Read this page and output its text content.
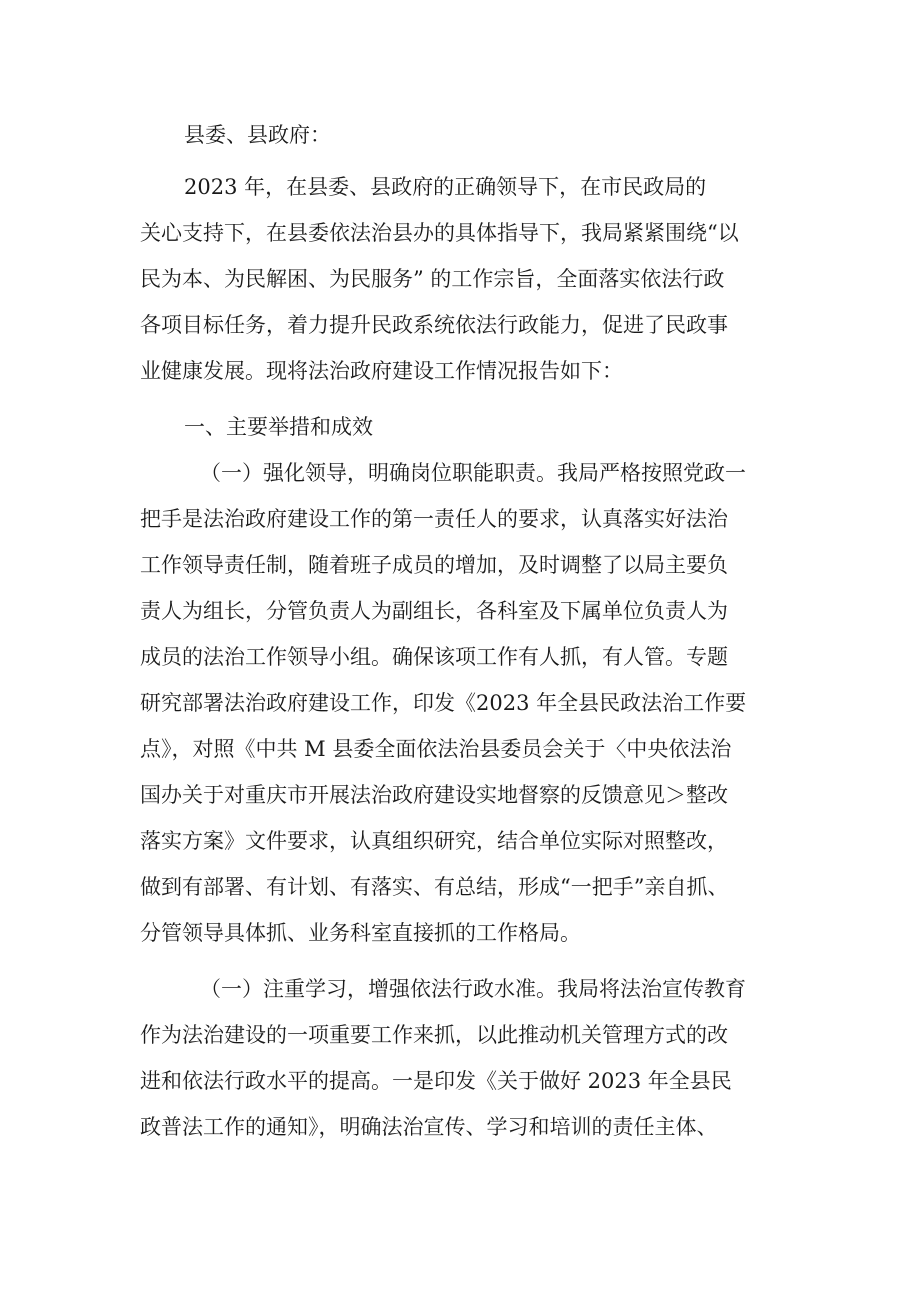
县委、县政府：
2023 年，在县委、县政府的正确领导下，在市民政局的
关心支持下，在县委依法治县办的具体指导下，我局紧紧围绕“以
民为本、为民解困、为民服务” 的工作宗旨，全面落实依法行政
各项目标任务，着力提升民政系统依法行政能力，促进了民政事
业健康发展。现将法治政府建设工作情况报告如下：
一、主要举措和成效
（一）强化领导，明确岗位职能职责。我局严格按照党政一
把手是法治政府建设工作的第一责任人的要求，认真落实好法治
工作领导责任制，随着班子成员的增加，及时调整了以局主要负
责人为组长，分管负责人为副组长，各科室及下属单位负责人为
成员的法治工作领导小组。确保该项工作有人抓，有人管。专题
研究部署法治政府建设工作，印发《2023 年全县民政法治工作要
点》，对照《中共 M 县委全面依法治县委员会关于〈中央依法治
国办关于对重庆市开展法治政府建设实地督察的反馈意见＞整改
落实方案》文件要求，认真组织研究，结合单位实际对照整改，
做到有部署、有计划、有落实、有总结，形成“一把手”亲自抓、
分管领导具体抓、业务科室直接抓的工作格局。
（一）注重学习，增强依法行政水准。我局将法治宣传教育
作为法治建设的一项重要工作来抓，以此推动机关管理方式的改
进和依法行政水平的提高。一是印发《关于做好 2023 年全县民
政普法工作的通知》，明确法治宣传、学习和培训的责任主体、
